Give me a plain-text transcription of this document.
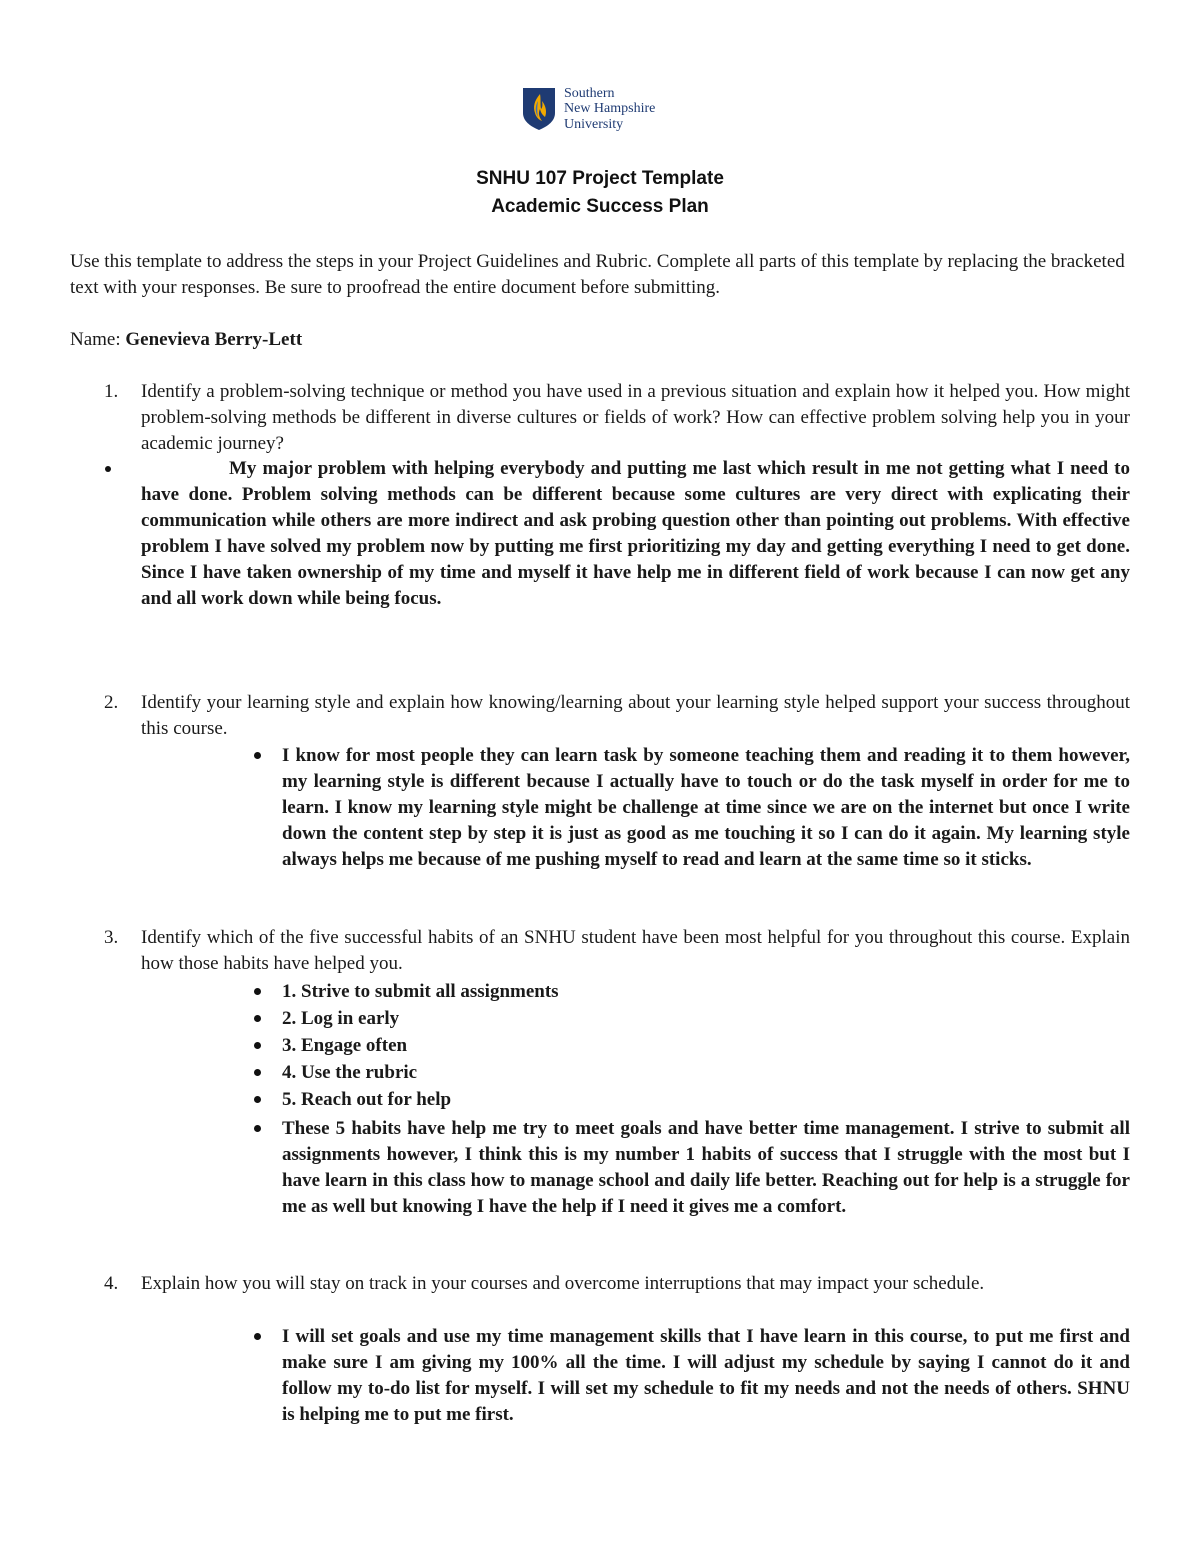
Southern
New Hampshire
University
SNHU 107 Project Template
Academic Success Plan
Use this template to address the steps in your Project Guidelines and Rubric. Complete all parts of this template by replacing the bracketed text with your responses. Be sure to proofread the entire document before submitting.
Name: Genevieva Berry-Lett
1. Identify a problem-solving technique or method you have used in a previous situation and explain how it helped you. How might problem-solving methods be different in diverse cultures or fields of work? How can effective problem solving help you in your academic journey?
My major problem with helping everybody and putting me last which result in me not getting what I need to have done. Problem solving methods can be different because some cultures are very direct with explicating their communication while others are more indirect and ask probing question other than pointing out problems. With effective problem I have solved my problem now by putting me first prioritizing my day and getting everything I need to get done. Since I have taken ownership of my time and myself it have help me in different field of work because I can now get any and all work down while being focus.
2. Identify your learning style and explain how knowing/learning about your learning style helped support your success throughout this course.
I know for most people they can learn task by someone teaching them and reading it to them however, my learning style is different because I actually have to touch or do the task myself in order for me to learn. I know my learning style might be challenge at time since we are on the internet but once I write down the content step by step it is just as good as me touching it so I can do it again. My learning style always helps me because of me pushing myself to read and learn at the same time so it sticks.
3. Identify which of the five successful habits of an SNHU student have been most helpful for you throughout this course. Explain how those habits have helped you.
1. Strive to submit all assignments
2. Log in early
3. Engage often
4. Use the rubric
5. Reach out for help
These 5 habits have help me try to meet goals and have better time management. I strive to submit all assignments however, I think this is my number 1 habits of success that I struggle with the most but I have learn in this class how to manage school and daily life better. Reaching out for help is a struggle for me as well but knowing I have the help if I need it gives me a comfort.
4. Explain how you will stay on track in your courses and overcome interruptions that may impact your schedule.
I will set goals and use my time management skills that I have learn in this course, to put me first and make sure I am giving my 100% all the time. I will adjust my schedule by saying I cannot do it and follow my to-do list for myself. I will set my schedule to fit my needs and not the needs of others. SHNU is helping me to put me first.
